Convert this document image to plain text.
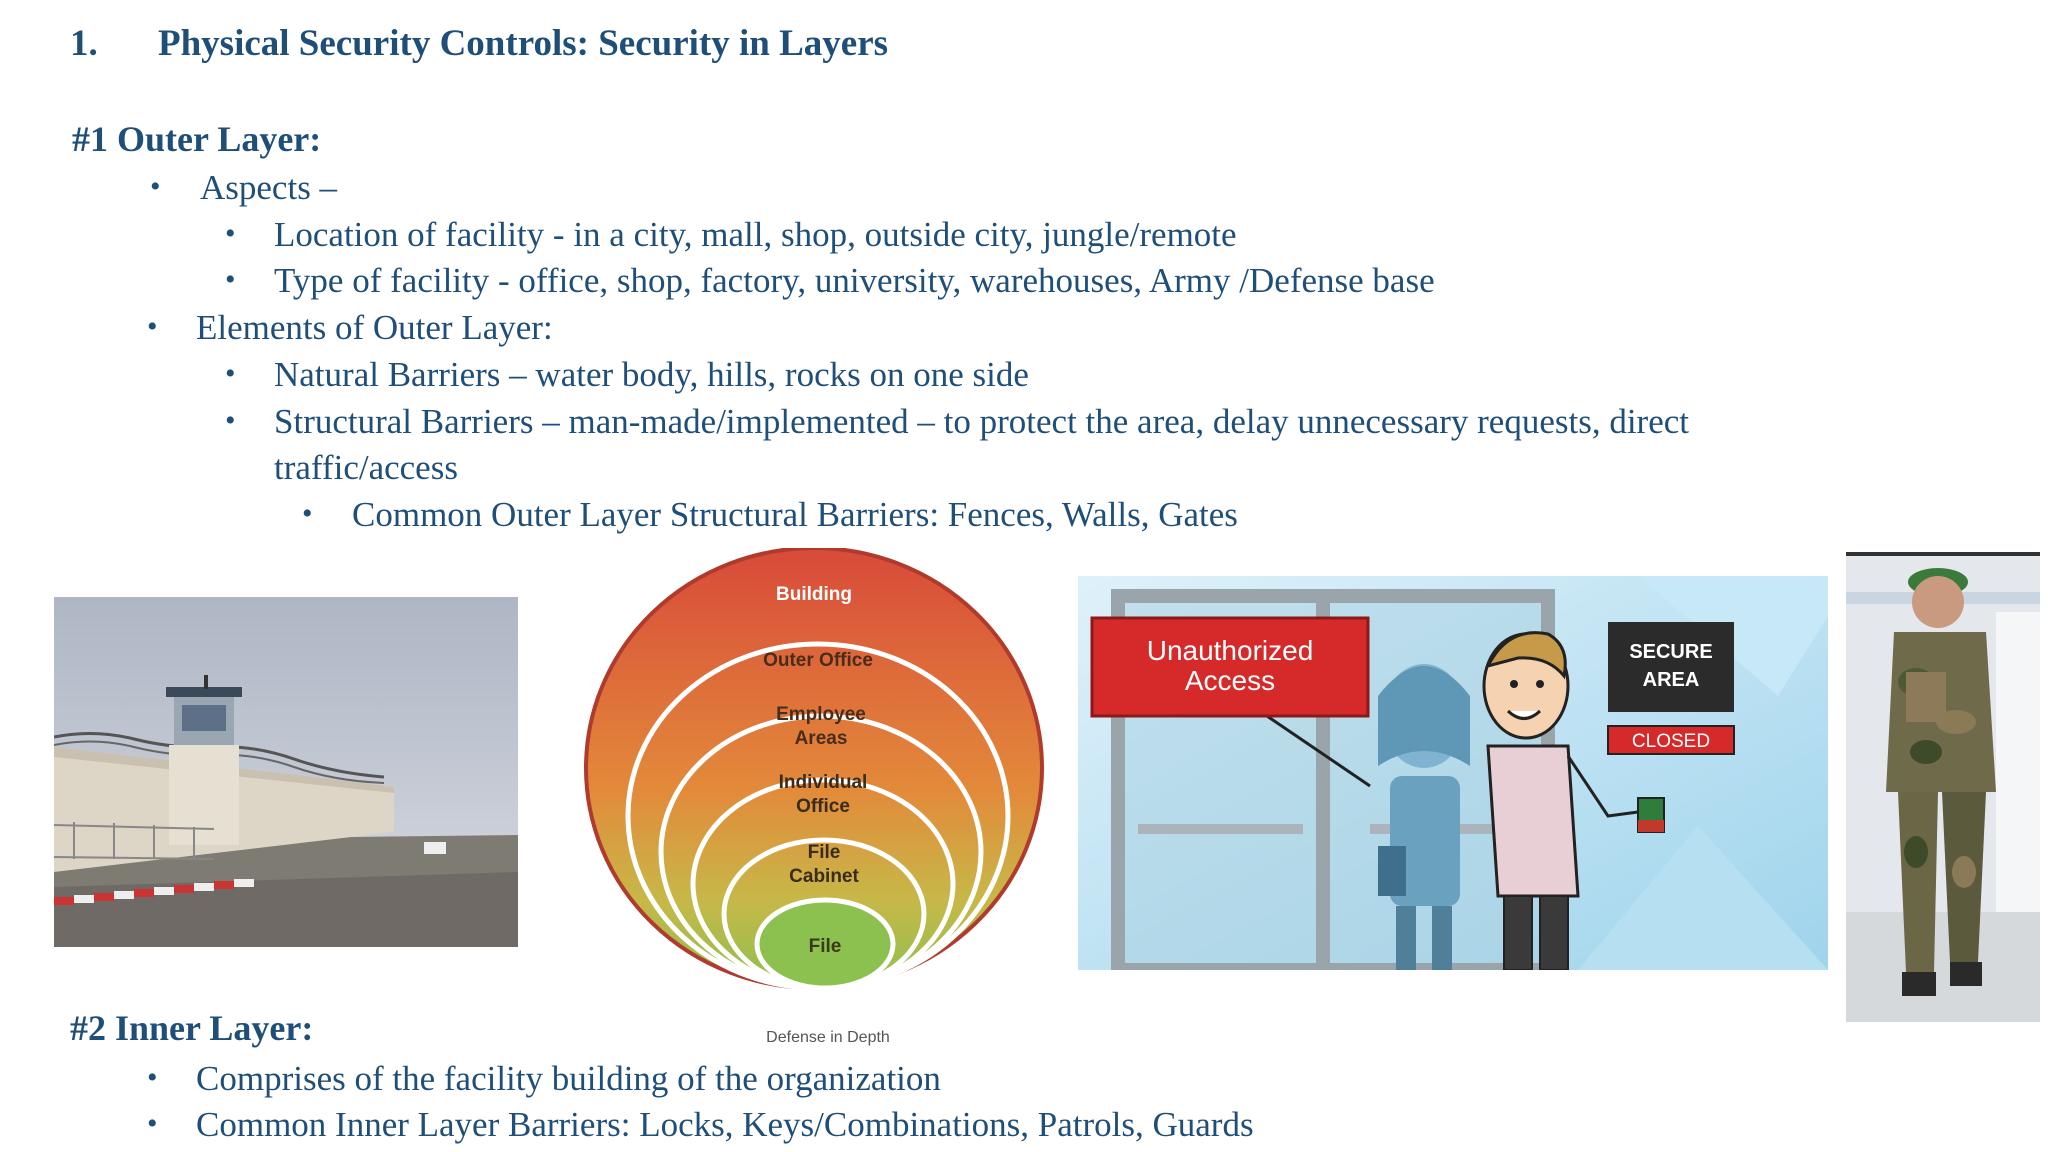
1. Physical Security Controls: Security in Layers
#1 Outer Layer:
• Aspects –
• Location of facility - in a city, mall, shop, outside city, jungle/remote
• Type of facility - office, shop, factory, university, warehouses, Army /Defense base
• Elements of Outer Layer:
• Natural Barriers – water body, hills, rocks on one side
• Structural Barriers – man-made/implemented – to protect the area, delay unnecessary requests, direct
traffic/access
• Common Outer Layer Structural Barriers: Fences, Walls, Gates
Building
Outer Office
Employee
Areas
Individual
Office
File
Cabinet
File
Defense in Depth
Unauthorized
Access
SECURE
AREA
CLOSED
#2 Inner Layer:
• Comprises of the facility building of the organization
• Common Inner Layer Barriers: Locks, Keys/Combinations, Patrols, Guards
